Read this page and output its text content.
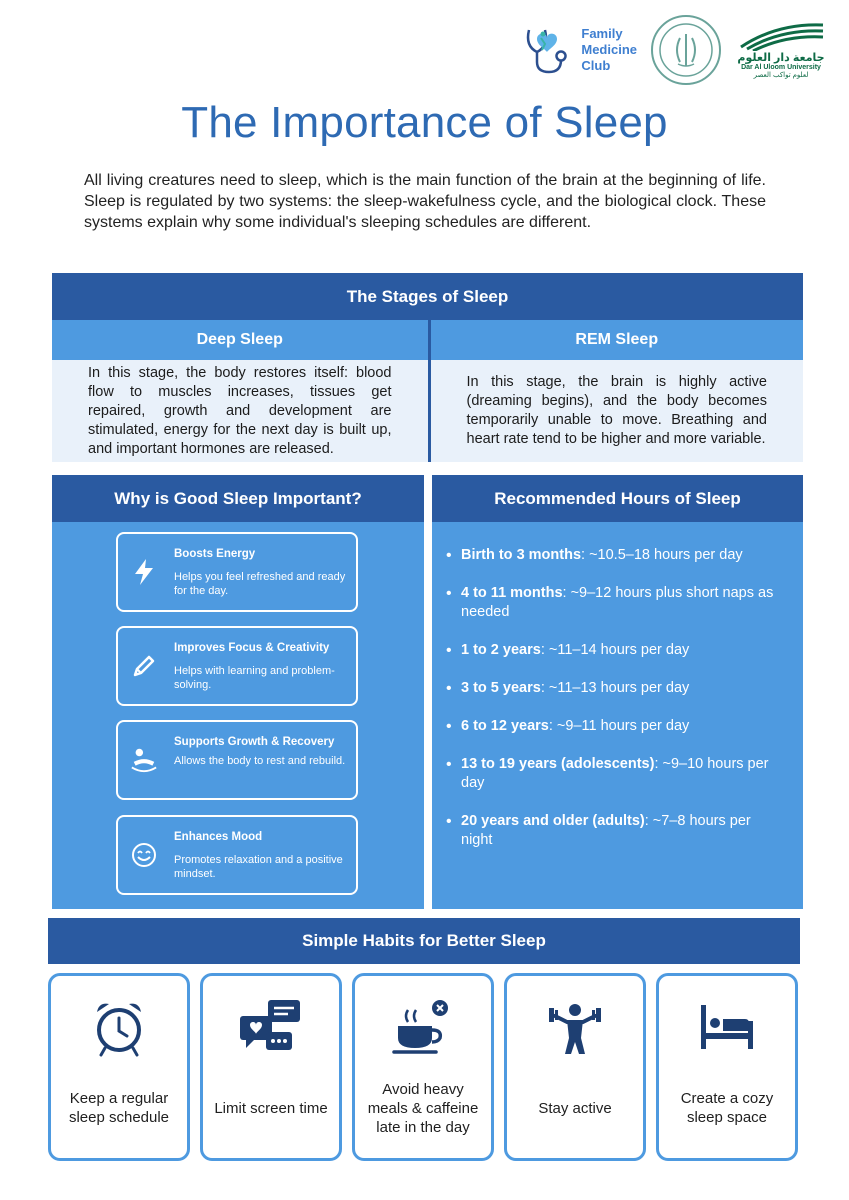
Family
Medicine
Club	جامعة دار العلوم
Dar Al Uloom University
لعلوم تواكب العصر
The Importance of Sleep

All living creatures need to sleep, which is the main function of the brain at the beginning of life. Sleep is regulated by two systems: the sleep-wakefulness cycle, and the biological clock. These systems explain why some individual's sleeping schedules are different.

The Stages of Sleep
Deep Sleep
In this stage, the body restores itself: blood flow to muscles increases, tissues get repaired, growth and development are stimulated, energy for the next day is built up, and important hormones are released.
REM Sleep
In this stage, the brain is highly active (dreaming begins), and the body becomes temporarily unable to move. Breathing and heart rate tend to be higher and more variable.
Why is Good Sleep Important?
Boosts Energy
Helps you feel refreshed and ready for the day.
Improves Focus & Creativity
Helps with learning and problem-solving.
Supports Growth & Recovery
Allows the body to rest and rebuild.
Enhances Mood
Promotes relaxation and a positive mindset.
Recommended Hours of Sleep
• Birth to 3 months: ~10.5–18 hours per day
• 4 to 11 months: ~9–12 hours plus short naps as needed
• 1 to 2 years: ~11–14 hours per day
• 3 to 5 years: ~11–13 hours per day
• 6 to 12 years: ~9–11 hours per day
• 13 to 19 years (adolescents): ~9–10 hours per day
• 20 years and older (adults): ~7–8 hours per night
Simple Habits for Better Sleep
Keep a regular sleep schedule
Limit screen time
Avoid heavy meals & caffeine late in the day
Stay active
Create a cozy sleep space
